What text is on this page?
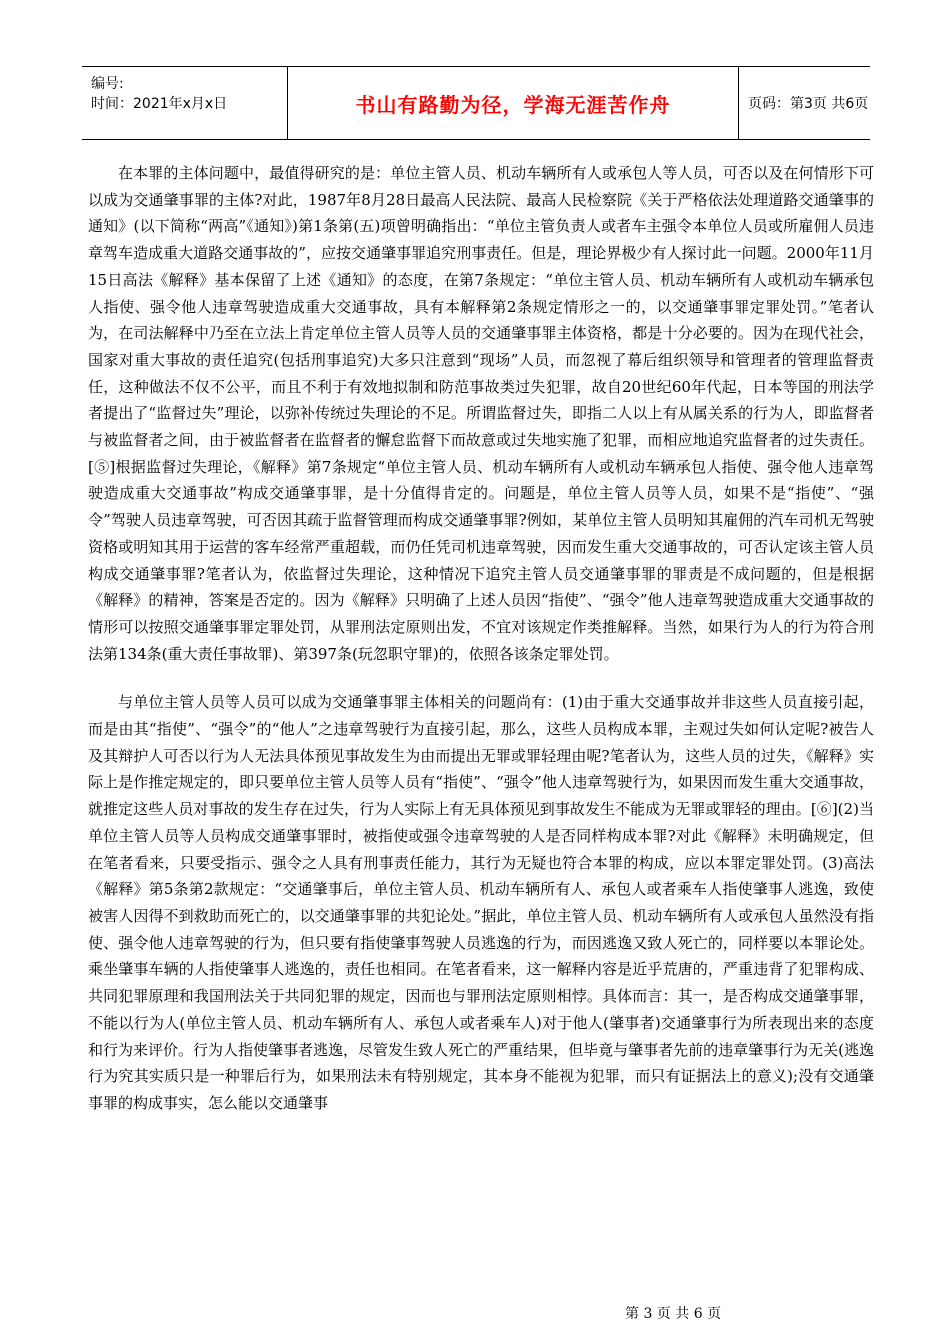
编号:
时间：2021年x月x日	书山有路勤为径，学海无涯苦作舟	页码：第3页 共6页

在本罪的主体问题中，最值得研究的是：单位主管人员、机动车辆所有人或承包人等人员，可否以及在何情形下可以成为交通肇事罪的主体?对此，1987年8月28日最高人民法院、最高人民检察院《关于严格依法处理道路交通肇事的通知》(以下简称“两高”《通知》)第1条第(五)项曾明确指出：“单位主管负责人或者车主强令本单位人员或所雇佣人员违章驾车造成重大道路交通事故的”，应按交通肇事罪追究刑事责任。但是，理论界极少有人探讨此一问题。2000年11月15日高法《解释》基本保留了上述《通知》的态度，在第7条规定：“单位主管人员、机动车辆所有人或机动车辆承包人指使、强令他人违章驾驶造成重大交通事故，具有本解释第2条规定情形之一的，以交通肇事罪定罪处罚。”笔者认为，在司法解释中乃至在立法上肯定单位主管人员等人员的交通肇事罪主体资格，都是十分必要的。因为在现代社会，国家对重大事故的责任追究(包括刑事追究)大多只注意到“现场”人员，而忽视了幕后组织领导和管理者的管理监督责任，这种做法不仅不公平，而且不利于有效地拟制和防范事故类过失犯罪，故自20世纪60年代起，日本等国的刑法学者提出了“监督过失”理论，以弥补传统过失理论的不足。所谓监督过失，即指二人以上有从属关系的行为人，即监督者与被监督者之间，由于被监督者在监督者的懈怠监督下而故意或过失地实施了犯罪，而相应地追究监督者的过失责任。[⑤]根据监督过失理论，《解释》第7条规定“单位主管人员、机动车辆所有人或机动车辆承包人指使、强令他人违章驾驶造成重大交通事故”构成交通肇事罪，是十分值得肯定的。问题是，单位主管人员等人员，如果不是“指使”、“强令”驾驶人员违章驾驶，可否因其疏于监督管理而构成交通肇事罪?例如，某单位主管人员明知其雇佣的汽车司机无驾驶资格或明知其用于运营的客车经常严重超载，而仍任凭司机违章驾驶，因而发生重大交通事故的，可否认定该主管人员构成交通肇事罪?笔者认为，依监督过失理论，这种情况下追究主管人员交通肇事罪的罪责是不成问题的，但是根据《解释》的精神，答案是否定的。因为《解释》只明确了上述人员因“指使”、“强令”他人违章驾驶造成重大交通事故的情形可以按照交通肇事罪定罪处罚，从罪刑法定原则出发，不宜对该规定作类推解释。当然，如果行为人的行为符合刑法第134条(重大责任事故罪)、第397条(玩忽职守罪)的，依照各该条定罪处罚。

与单位主管人员等人员可以成为交通肇事罪主体相关的问题尚有：(1)由于重大交通事故并非这些人员直接引起，而是由其“指使”、“强令”的“他人”之违章驾驶行为直接引起，那么，这些人员构成本罪，主观过失如何认定呢?被告人及其辩护人可否以行为人无法具体预见事故发生为由而提出无罪或罪轻理由呢?笔者认为，这些人员的过失，《解释》实际上是作推定规定的，即只要单位主管人员等人员有“指使”、“强令”他人违章驾驶行为，如果因而发生重大交通事故，就推定这些人员对事故的发生存在过失，行为人实际上有无具体预见到事故发生不能成为无罪或罪轻的理由。[⑥](2)当单位主管人员等人员构成交通肇事罪时，被指使或强令违章驾驶的人是否同样构成本罪?对此《解释》未明确规定，但在笔者看来，只要受指示、强令之人具有刑事责任能力，其行为无疑也符合本罪的构成，应以本罪定罪处罚。(3)高法《解释》第5条第2款规定：“交通肇事后，单位主管人员、机动车辆所有人、承包人或者乘车人指使肇事人逃逸，致使被害人因得不到救助而死亡的，以交通肇事罪的共犯论处。”据此，单位主管人员、机动车辆所有人或承包人虽然没有指使、强令他人违章驾驶的行为，但只要有指使肇事驾驶人员逃逸的行为，而因逃逸又致人死亡的，同样要以本罪论处。乘坐肇事车辆的人指使肇事人逃逸的，责任也相同。在笔者看来，这一解释内容是近乎荒唐的，严重违背了犯罪构成、共同犯罪原理和我国刑法关于共同犯罪的规定，因而也与罪刑法定原则相悖。具体而言：其一，是否构成交通肇事罪，不能以行为人(单位主管人员、机动车辆所有人、承包人或者乘车人)对于他人(肇事者)交通肇事行为所表现出来的态度和行为来评价。行为人指使肇事者逃逸，尽管发生致人死亡的严重结果，但毕竟与肇事者先前的违章肇事行为无关(逃逸行为究其实质只是一种罪后行为，如果刑法未有特别规定，其本身不能视为犯罪，而只有证据法上的意义);没有交通肇事罪的构成事实，怎么能以交通肇事

第 3 页 共 6 页
